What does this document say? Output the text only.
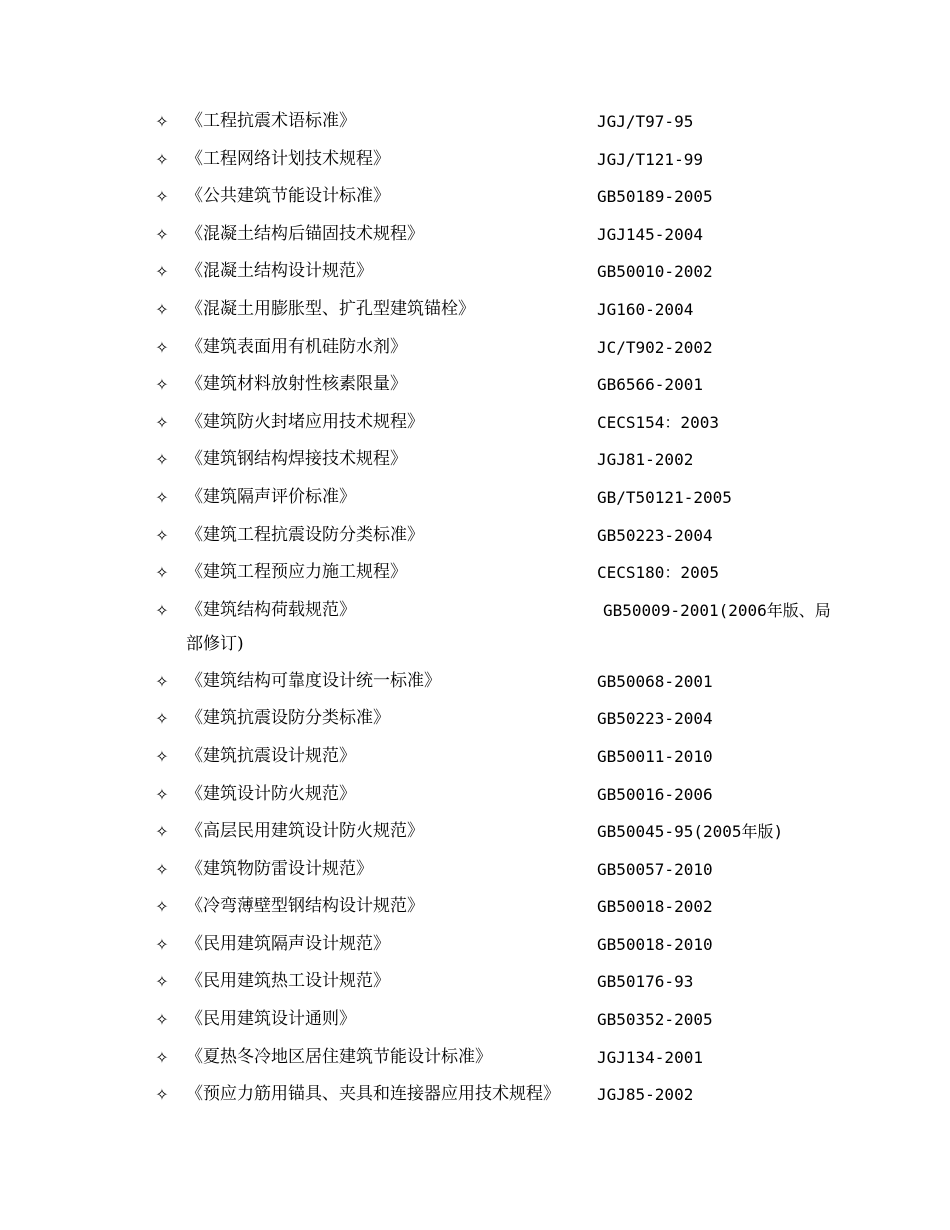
✧ 《工程抗震术语标准》	JGJ/T97-95
✧ 《工程网络计划技术规程》	JGJ/T121-99
✧ 《公共建筑节能设计标准》	GB50189-2005
✧ 《混凝土结构后锚固技术规程》	JGJ145-2004
✧ 《混凝土结构设计规范》	GB50010-2002
✧ 《混凝土用膨胀型、扩孔型建筑锚栓》	JG160-2004
✧ 《建筑表面用有机硅防水剂》	JC/T902-2002
✧ 《建筑材料放射性核素限量》	GB6566-2001
✧ 《建筑防火封堵应用技术规程》	CECS154：2003
✧ 《建筑钢结构焊接技术规程》	JGJ81-2002
✧ 《建筑隔声评价标准》	GB/T50121-2005
✧ 《建筑工程抗震设防分类标准》	GB50223-2004
✧ 《建筑工程预应力施工规程》	CECS180：2005
✧ 《建筑结构荷载规范》	GB50009-2001(2006年版、局
部修订)
✧ 《建筑结构可靠度设计统一标准》	GB50068-2001
✧ 《建筑抗震设防分类标准》	GB50223-2004
✧ 《建筑抗震设计规范》	GB50011-2010
✧ 《建筑设计防火规范》	GB50016-2006
✧ 《高层民用建筑设计防火规范》	GB50045-95(2005年版)
✧ 《建筑物防雷设计规范》	GB50057-2010
✧ 《冷弯薄壁型钢结构设计规范》	GB50018-2002
✧ 《民用建筑隔声设计规范》	GB50018-2010
✧ 《民用建筑热工设计规范》	GB50176-93
✧ 《民用建筑设计通则》	GB50352-2005
✧ 《夏热冬冷地区居住建筑节能设计标准》	JGJ134-2001
✧ 《预应力筋用锚具、夹具和连接器应用技术规程》 JGJ85-2002
